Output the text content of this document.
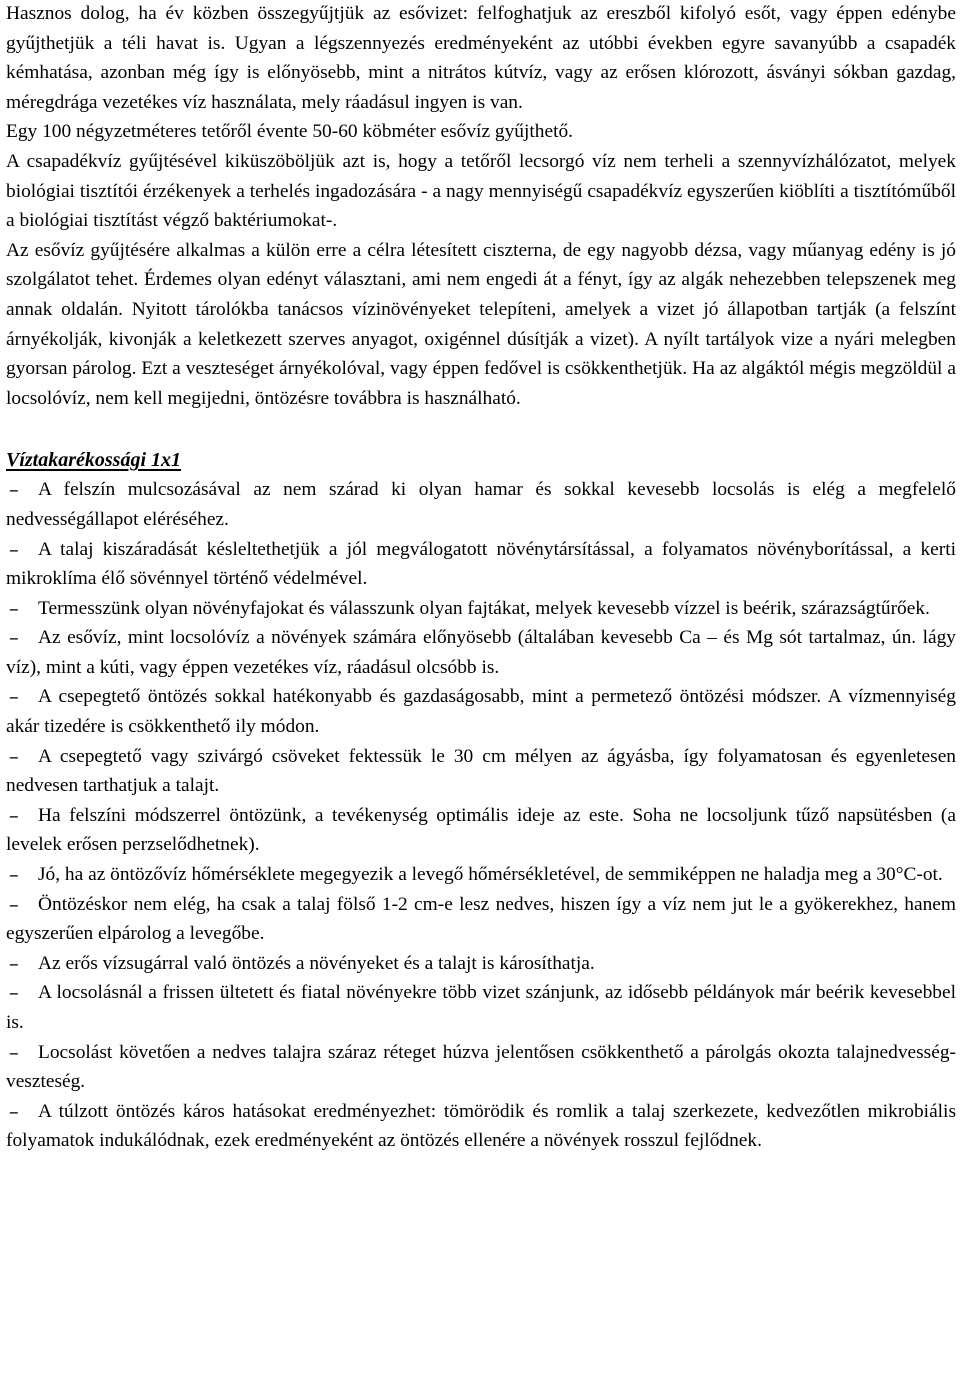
Hasznos dolog, ha év közben összegyűjtjük az esővizet: felfoghatjuk az ereszből kifolyó esőt, vagy éppen edénybe gyűjthetjük a téli havat is. Ugyan a légszennyezés eredményeként az utóbbi években egyre savanyúbb a csapadék kémhatása, azonban még így is előnyösebb, mint a nitrátos kútvíz, vagy az erősen klórozott, ásványi sókban gazdag, méregdrága vezetékes víz használata, mely ráadásul ingyen is van.

Egy 100 négyzetméteres tetőről évente 50-60 köbméter esővíz gyűjthető.

A csapadékvíz gyűjtésével kiküszöböljük azt is, hogy a tetőről lecsorgó víz nem terheli a szennyvízhálózatot, melyek biológiai tisztítói érzékenyek a terhelés ingadozására - a nagy mennyiségű csapadékvíz egyszerűen kiöblíti a tisztítóműből a biológiai tisztítást végző baktériumokat-.

Az esővíz gyűjtésére alkalmas a külön erre a célra létesített ciszterna, de egy nagyobb dézsa, vagy műanyag edény is jó szolgálatot tehet. Érdemes olyan edényt választani, ami nem engedi át a fényt, így az algák nehezebben telepszenek meg annak oldalán. Nyitott tárolókba tanácsos vízinövényeket telepíteni, amelyek a vizet jó állapotban tartják (a felszínt árnyékolják, kivonják a keletkezett szerves anyagot, oxigénnel dúsítják a vizet). A nyílt tartályok vize a nyári melegben gyorsan párolog. Ezt a veszteséget árnyékolóval, vagy éppen fedővel is csökkenthetjük. Ha az algáktól mégis megzöldül a locsolóvíz, nem kell megijedni, öntözésre továbbra is használható.

Víztakarékossági 1x1
– A felszín mulcsozásával az nem szárad ki olyan hamar és sokkal kevesebb locsolás is elég a megfelelő nedvességállapot eléréséhez.
– A talaj kiszáradását késleltethetjük a jól megválogatott növénytársítással, a folyamatos növényborítással, a kerti mikroklíma élő sövénnyel történő védelmével.
– Termesszünk olyan növényfajokat és válasszunk olyan fajtákat, melyek kevesebb vízzel is beérik, szárazságtűrőek.
– Az esővíz, mint locsolóvíz a növények számára előnyösebb (általában kevesebb Ca – és Mg sót tartalmaz, ún. lágy víz), mint a kúti, vagy éppen vezetékes víz, ráadásul olcsóbb is.
– A csepegtető öntözés sokkal hatékonyabb és gazdaságosabb, mint a permetező öntözési módszer. A vízmennyiség akár tizedére is csökkenthető ily módon.
– A csepegtető vagy szivárgó csöveket fektessük le 30 cm mélyen az ágyásba, így folyamatosan és egyenletesen nedvesen tarthatjuk a talajt.
– Ha felszíni módszerrel öntözünk, a tevékenység optimális ideje az este. Soha ne locsoljunk tűző napsütésben (a levelek erősen perzselődhetnek).
– Jó, ha az öntözővíz hőmérséklete megegyezik a levegő hőmérsékletével, de semmiképpen ne haladja meg a 30°C-ot.
– Öntözéskor nem elég, ha csak a talaj fölső 1-2 cm-e lesz nedves, hiszen így a víz nem jut le a gyökerekhez, hanem egyszerűen elpárolog a levegőbe.
– Az erős vízsugárral való öntözés a növényeket és a talajt is károsíthatja.
– A locsolásnál a frissen ültetett és fiatal növényekre több vizet szánjunk, az idősebb példányok már beérik kevesebbel is.
– Locsolást követően a nedves talajra száraz réteget húzva jelentősen csökkenthető a párolgás okozta talajnedvesség-veszteség.
– A túlzott öntözés káros hatásokat eredményezhet: tömörödik és romlik a talaj szerkezete, kedvezőtlen mikrobiális folyamatok indukálódnak, ezek eredményeként az öntözés ellenére a növények rosszul fejlődnek.
